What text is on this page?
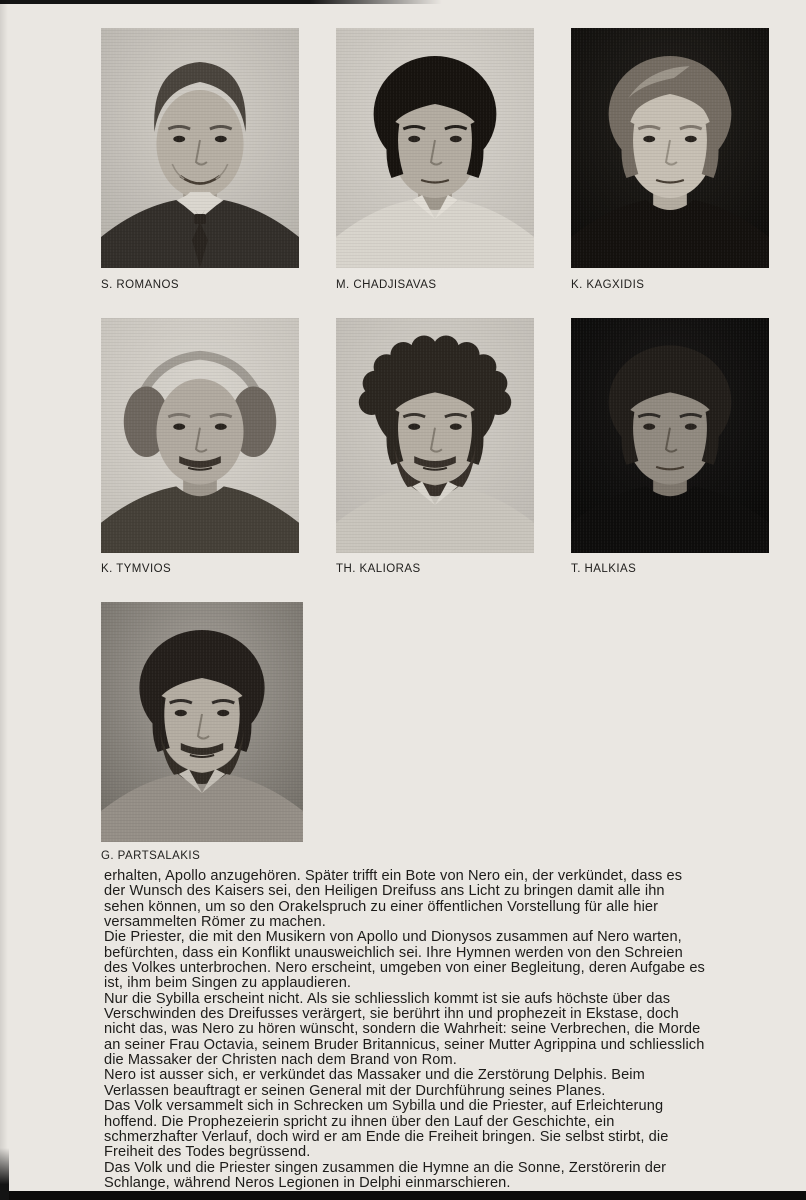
S. ROMANOS	M. CHADJISAVAS	K. KAGXIDIS
K. TYMVIOS	TH. KALIORAS	T. HALKIAS
G. PARTSALAKIS
erhalten, Apollo anzugehören. Später trifft ein Bote von Nero ein, der verkündet, dass es
der Wunsch des Kaisers sei, den Heiligen Dreifuss ans Licht zu bringen damit alle ihn
sehen können, um so den Orakelspruch zu einer öffentlichen Vorstellung für alle hier
versammelten Römer zu machen.
Die Priester, die mit den Musikern von Apollo und Dionysos zusammen auf Nero warten,
befürchten, dass ein Konflikt unausweichlich sei. Ihre Hymnen werden von den Schreien
des Volkes unterbrochen. Nero erscheint, umgeben von einer Begleitung, deren Aufgabe es
ist, ihm beim Singen zu applaudieren.
Nur die Sybilla erscheint nicht. Als sie schliesslich kommt ist sie aufs höchste über das
Verschwinden des Dreifusses verärgert, sie berührt ihn und prophezeit in Ekstase, doch
nicht das, was Nero zu hören wünscht, sondern die Wahrheit: seine Verbrechen, die Morde
an seiner Frau Octavia, seinem Bruder Britannicus, seiner Mutter Agrippina und schliesslich
die Massaker der Christen nach dem Brand von Rom.
Nero ist ausser sich, er verkündet das Massaker und die Zerstörung Delphis. Beim
Verlassen beauftragt er seinen General mit der Durchführung seines Planes.
Das Volk versammelt sich in Schrecken um Sybilla und die Priester, auf Erleichterung
hoffend. Die Prophezeierin spricht zu ihnen über den Lauf der Geschichte, ein
schmerzhafter Verlauf, doch wird er am Ende die Freiheit bringen. Sie selbst stirbt, die
Freiheit des Todes begrüssend.
Das Volk und die Priester singen zusammen die Hymne an die Sonne, Zerstörerin der
Schlange, während Neros Legionen in Delphi einmarschieren.
